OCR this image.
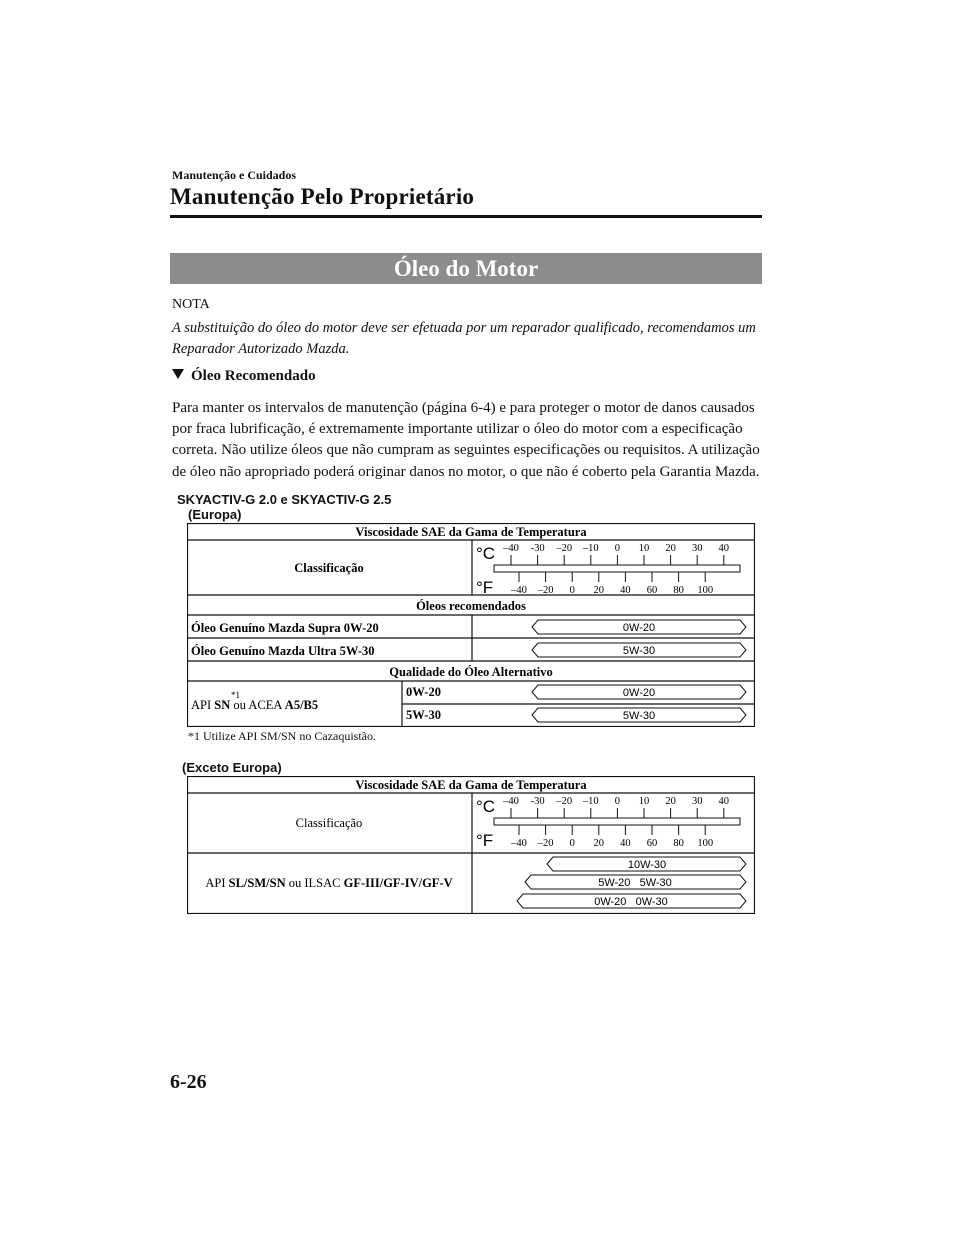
Manutenção e Cuidados
Manutenção Pelo Proprietário
Óleo do Motor
NOTA
A substituição do óleo do motor deve ser efetuada por um reparador qualificado, recomendamos um Reparador Autorizado Mazda.
Óleo Recomendado
Para manter os intervalos de manutenção (página 6-4) e para proteger o motor de danos causados por fraca lubrificação, é extremamente importante utilizar o óleo do motor com a especificação correta. Não utilize óleos que não cumpram as seguintes especificações ou requisitos. A utilização de óleo não apropriado poderá originar danos no motor, o que não é coberto pela Garantia Mazda.
SKYACTIV-G 2.0 e SKYACTIV-G 2.5
(Europa)
Viscosidade SAE da Gama de Temperatura
Classificação
°C
°F
–40 -30 –20 –10 0 10 20 30 40
–40 –20 0 20 40 60 80 100
Óleos recomendados
Óleo Genuíno Mazda Supra 0W-20
Óleo Genuíno Mazda Ultra 5W-30
0W-20
5W-30
Qualidade do Óleo Alternativo
API SN ou ACEA A5/B5
*1	0W-20
5W-30
0W-20
5W-30
*1 Utilize API SM/SN no Cazaquistão.
(Exceto Europa)
Viscosidade SAE da Gama de Temperatura
Classificação
°C
°F
–40 -30 –20 –10 0 10 20 30 40
–40 –20 0 20 40 60 80 100
API SL/SM/SN ou ILSAC GF-III/GF-IV/GF-V
10W-30
5W-20   5W-30
0W-20   0W-30
6-26
